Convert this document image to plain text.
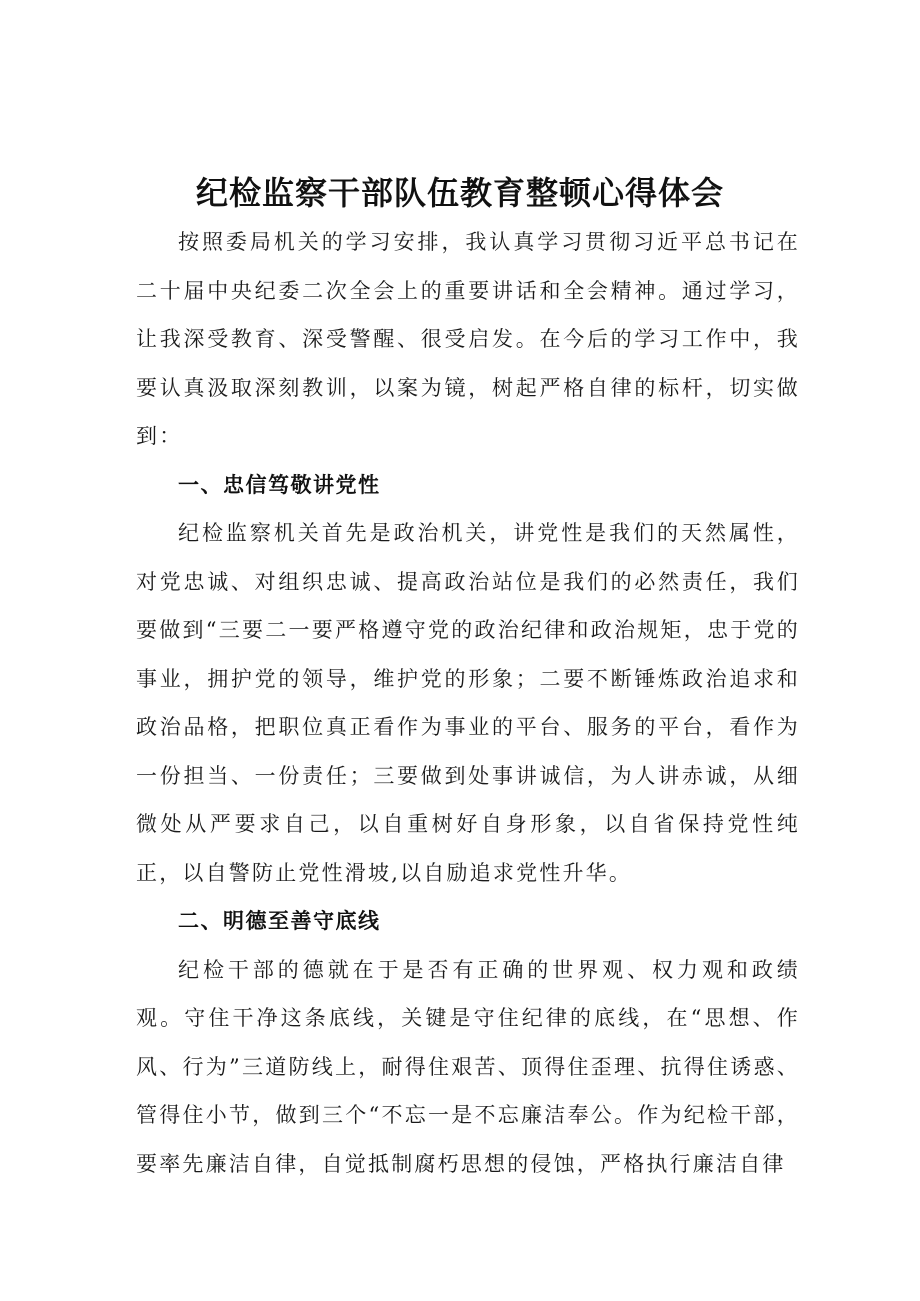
纪检监察干部队伍教育整顿心得体会

按照委局机关的学习安排，我认真学习贯彻习近平总书记在二十届中央纪委二次全会上的重要讲话和全会精神。通过学习，让我深受教育、深受警醒、很受启发。在今后的学习工作中，我要认真汲取深刻教训，以案为镜，树起严格自律的标杆，切实做到：

一、忠信笃敬讲党性

纪检监察机关首先是政治机关，讲党性是我们的天然属性，对党忠诚、对组织忠诚、提高政治站位是我们的必然责任，我们要做到“三要二一要严格遵守党的政治纪律和政治规矩，忠于党的事业，拥护党的领导，维护党的形象；二要不断锤炼政治追求和政治品格，把职位真正看作为事业的平台、服务的平台，看作为一份担当、一份责任；三要做到处事讲诚信，为人讲赤诚，从细微处从严要求自己，以自重树好自身形象，以自省保持党性纯正，以自警防止党性滑坡,以自励追求党性升华。

二、明德至善守底线

纪检干部的德就在于是否有正确的世界观、权力观和政绩观。守住干净这条底线，关键是守住纪律的底线，在“思想、作风、行为”三道防线上，耐得住艰苦、顶得住歪理、抗得住诱惑、管得住小节，做到三个“不忘一是不忘廉洁奉公。作为纪检干部，要率先廉洁自律，自觉抵制腐朽思想的侵蚀，严格执行廉洁自律
